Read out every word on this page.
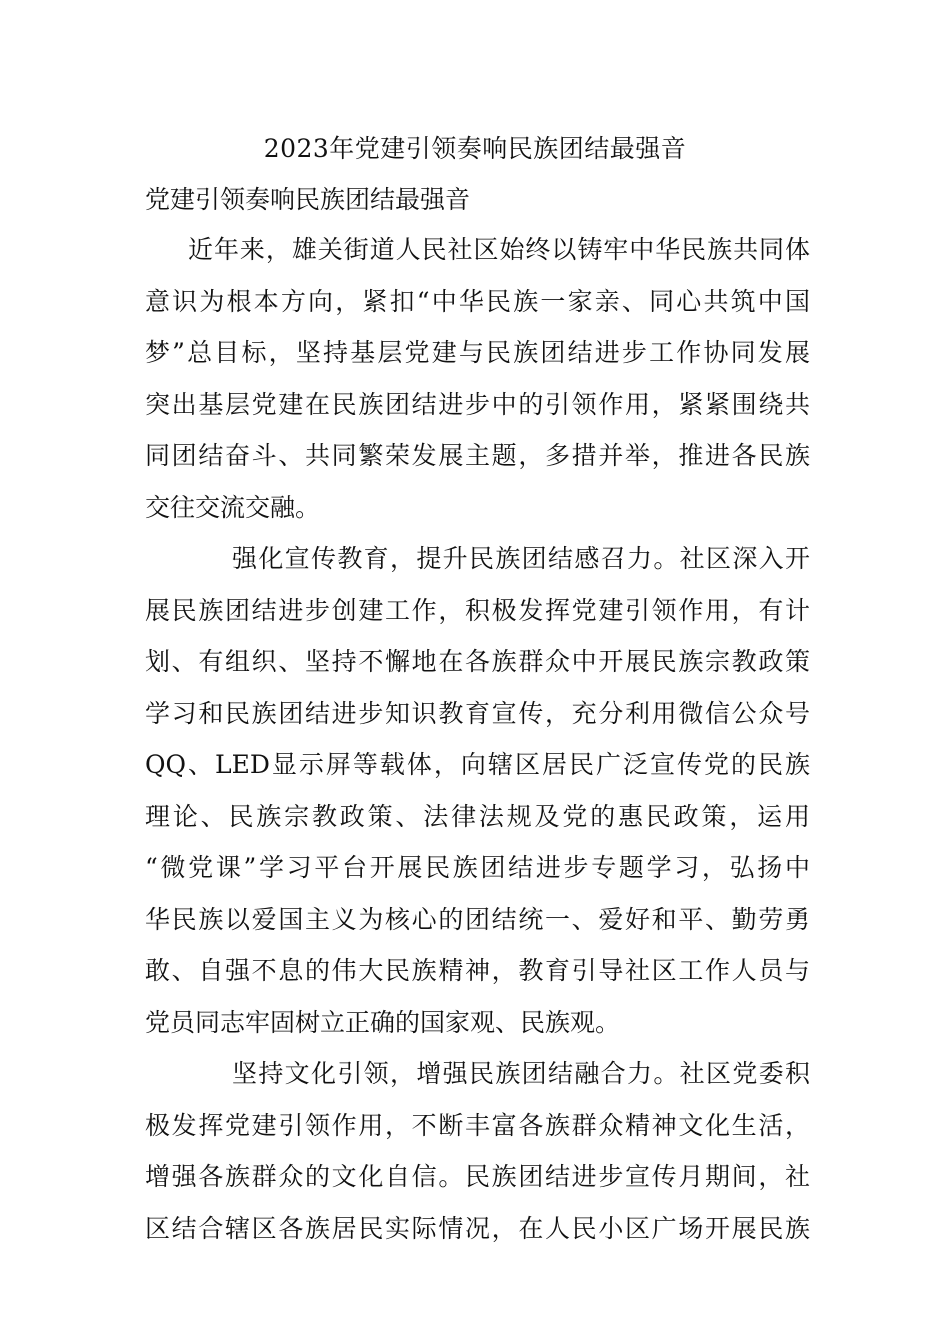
2023年党建引领奏响民族团结最强音
党建引领奏响民族团结最强音
近年来，雄关街道人民社区始终以铸牢中华民族共同体
意识为根本方向，紧扣“中华民族一家亲、同心共筑中国
梦”总目标，坚持基层党建与民族团结进步工作协同发展
突出基层党建在民族团结进步中的引领作用，紧紧围绕共
同团结奋斗、共同繁荣发展主题，多措并举，推进各民族
交往交流交融。
强化宣传教育，提升民族团结感召力。社区深入开
展民族团结进步创建工作，积极发挥党建引领作用，有计
划、有组织、坚持不懈地在各族群众中开展民族宗教政策
学习和民族团结进步知识教育宣传，充分利用微信公众号
QQ、LED显示屏等载体，向辖区居民广泛宣传党的民族
理论、民族宗教政策、法律法规及党的惠民政策，运用
“微党课”学习平台开展民族团结进步专题学习，弘扬中
华民族以爱国主义为核心的团结统一、爱好和平、勤劳勇
敢、自强不息的伟大民族精神，教育引导社区工作人员与
党员同志牢固树立正确的国家观、民族观。
坚持文化引领，增强民族团结融合力。社区党委积
极发挥党建引领作用，不断丰富各族群众精神文化生活，
增强各族群众的文化自信。民族团结进步宣传月期间，社
区结合辖区各族居民实际情况，在人民小区广场开展民族
